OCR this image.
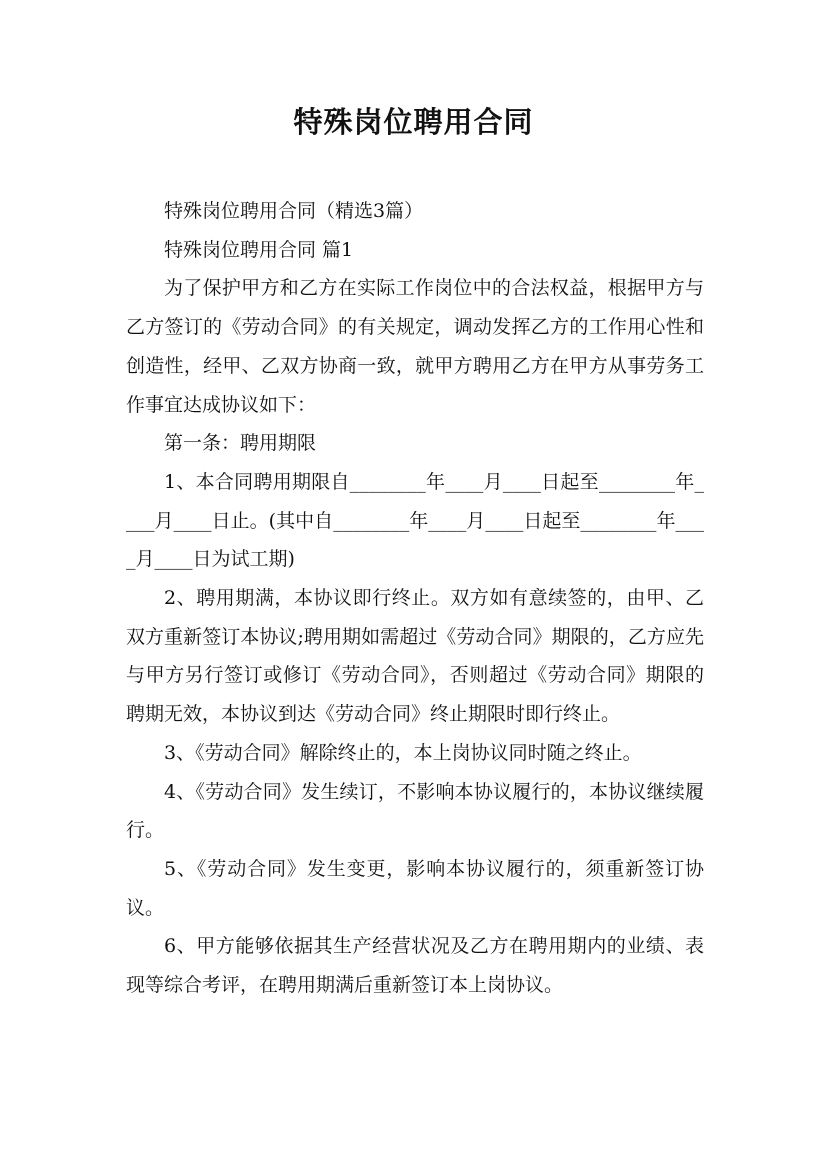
特殊岗位聘用合同

特殊岗位聘用合同（精选3篇）

特殊岗位聘用合同 篇1

为了保护甲方和乙方在实际工作岗位中的合法权益，根据甲方与乙方签订的《劳动合同》的有关规定，调动发挥乙方的工作用心性和创造性，经甲、乙双方协商一致，就甲方聘用乙方在甲方从事劳务工作事宜达成协议如下：

第一条：聘用期限

1、本合同聘用期限自________年____月____日起至________年____月____日止。(其中自________年____月____日起至________年____月____日为试工期)

2、聘用期满，本协议即行终止。双方如有意续签的，由甲、乙双方重新签订本协议;聘用期如需超过《劳动合同》期限的，乙方应先与甲方另行签订或修订《劳动合同》，否则超过《劳动合同》期限的聘期无效，本协议到达《劳动合同》终止期限时即行终止。

3、《劳动合同》解除终止的，本上岗协议同时随之终止。

4、《劳动合同》发生续订，不影响本协议履行的，本协议继续履行。

5、《劳动合同》发生变更，影响本协议履行的，须重新签订协议。

6、甲方能够依据其生产经营状况及乙方在聘用期内的业绩、表现等综合考评，在聘用期满后重新签订本上岗协议。
